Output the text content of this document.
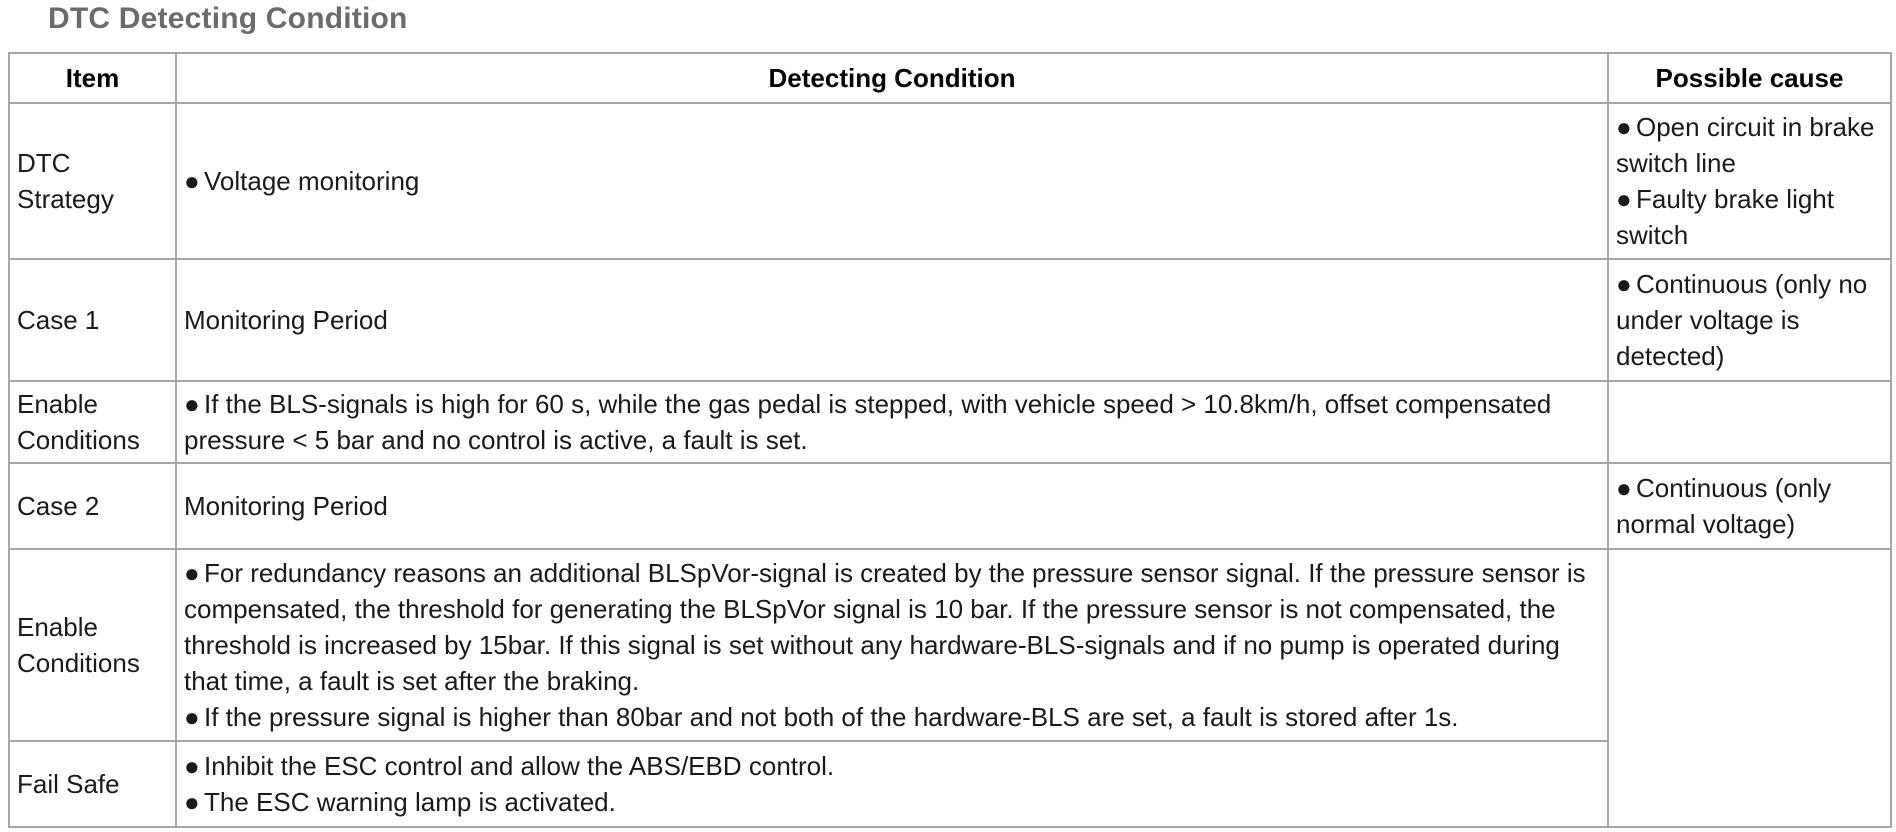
DTC Detecting Condition
Item	Detecting Condition	Possible cause

DTC
Strategy	● Voltage monitoring	● Open circuit in brake switch line
● Faulty brake light switch

Case 1	Monitoring Period	● Continuous (only no under voltage is detected)

Enable
Conditions	● If the BLS-signals is high for 60 s, while the gas pedal is stepped, with vehicle speed > 10.8km/h, offset compensated pressure < 5 bar and no control is active, a fault is set.	

Case 2	Monitoring Period	● Continuous (only normal voltage)

Enable
Conditions	● For redundancy reasons an additional BLSpVor-signal is created by the pressure sensor signal. If the pressure sensor is compensated, the threshold for generating the BLSpVor signal is 10 bar. If the pressure sensor is not compensated, the threshold is increased by 15bar. If this signal is set without any hardware-BLS-signals and if no pump is operated during that time, a fault is set after the braking.
● If the pressure signal is higher than 80bar and not both of the hardware-BLS are set, a fault is stored after 1s.	

Fail Safe	● Inhibit the ESC control and allow the ABS/EBD control.
● The ESC warning lamp is activated.	
